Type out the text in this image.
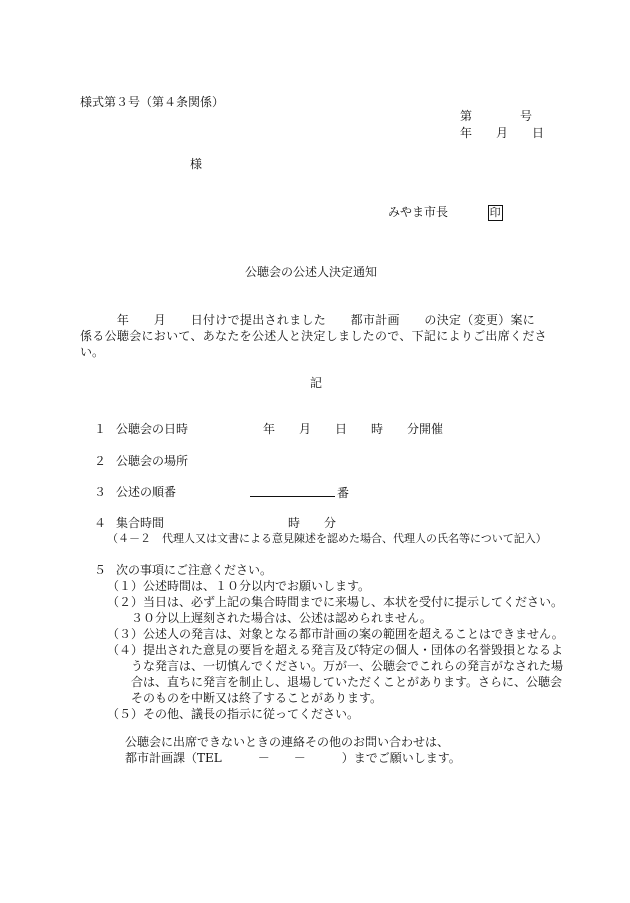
様式第３号（第４条関係）
第　　　　号
年　　月　　日
様
みやま市長	印
公聴会の公述人決定通知
　　　年　　月　　日付けで提出されました　　都市計画　　の決定（変更）案に
係る公聴会において、あなたを公述人と決定しましたので、下記によりご出席くださ
い。
記
１ 公聴会の日時	年　　月　　日　　時　　分開催
２ 公聴会の場所
３ 公述の順番	番
４ 集合時間	時　　分
（４－２　代理人又は文書による意見陳述を認めた場合、代理人の氏名等について記入）
５ 次の事項にご注意ください。
（１）公述時間は、１０分以内でお願いします。
（２）当日は、必ず上記の集合時間までに来場し、本状を受付に提示してください。
　　３０分以上遅刻された場合は、公述は認められません。
（３）公述人の発言は、対象となる都市計画の案の範囲を超えることはできません。
（４）提出された意見の要旨を超える発言及び特定の個人・団体の名誉毀損となるよ
　　うな発言は、一切慎んでください。万が一、公聴会でこれらの発言がなされた場
　　合は、直ちに発言を制止し、退場していただくことがあります。さらに、公聴会
　　そのものを中断又は終了することがあります。
（５）その他、議長の指示に従ってください。
公聴会に出席できないときの連絡その他のお問い合わせは、
都市計画課（TEL　　　－　　－　　　）までご願いします。
